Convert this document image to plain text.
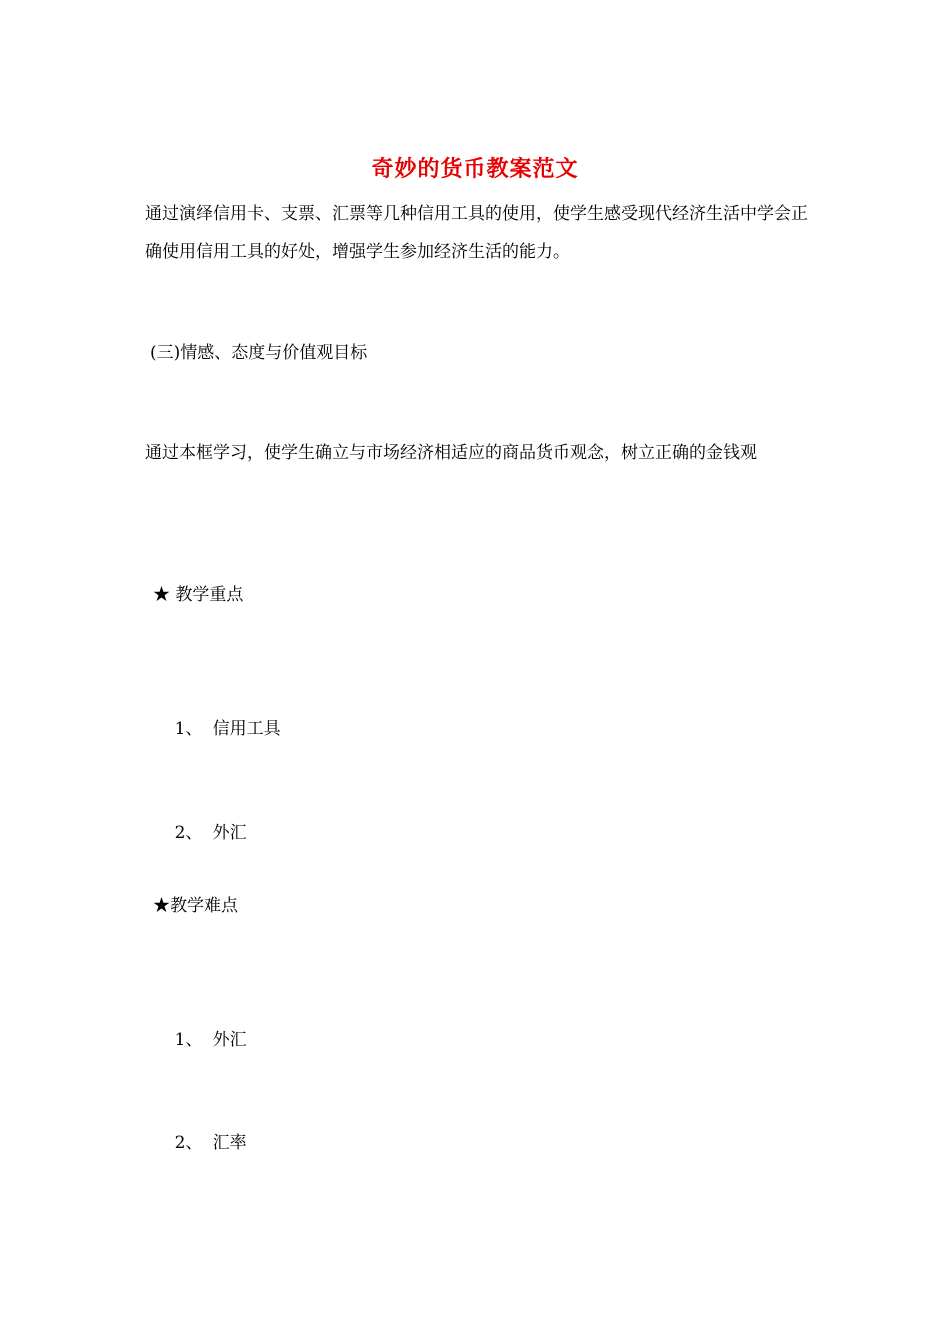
奇妙的货币教案范文

通过演绎信用卡、支票、汇票等几种信用工具的使用，使学生感受现代经济生活中学会正确使用信用工具的好处，增强学生参加经济生活的能力。

(三)情感、态度与价值观目标

通过本框学习，使学生确立与市场经济相适应的商品货币观念，树立正确的金钱观

★ 教学重点

1、 信用工具

2、 外汇

★教学难点

1、 外汇

2、 汇率
